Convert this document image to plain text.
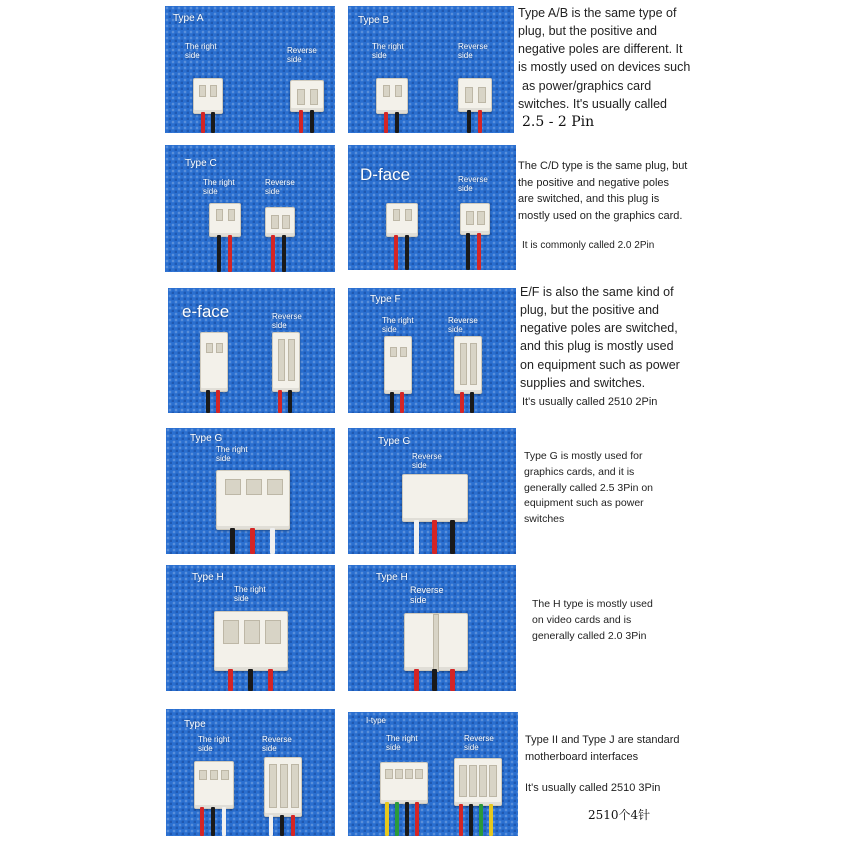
Type A
The right
side
Reverse
side
Type B
The right
side
Reverse
side
Type A/B is the same type of
plug, but the positive and
negative poles are different. It
is mostly used on devices such
as power/graphics card
switches. It's usually called
2.5 - 2 Pin
Type C
The right
side
Reverse
side
D-face	Reverse
side
The C/D type is the same plug, but
the positive and negative poles
are switched, and this plug is
mostly used on the graphics card.
It is commonly called 2.0 2Pin
e-face	Reverse
side
Type F
The right
side
Reverse
side
E/F is also the same kind of
plug, but the positive and
negative poles are switched,
and this plug is mostly used
on equipment such as power
supplies and switches.
It's usually called 2510 2Pin
Type G
The right
side
Type G
Reverse
side
Type G is mostly used for
graphics cards, and it is
generally called 2.5 3Pin on
equipment such as power
switches
Type H
The right
side
Type H
Reverse
side	The H type is mostly used
on video cards and is
generally called 2.0 3Pin
Type
The right
side
Reverse
side
I-type
The right
side
Reverse
side
Type II and Type J are standard
motherboard interfaces
It's usually called 2510 3Pin
2510个4针
